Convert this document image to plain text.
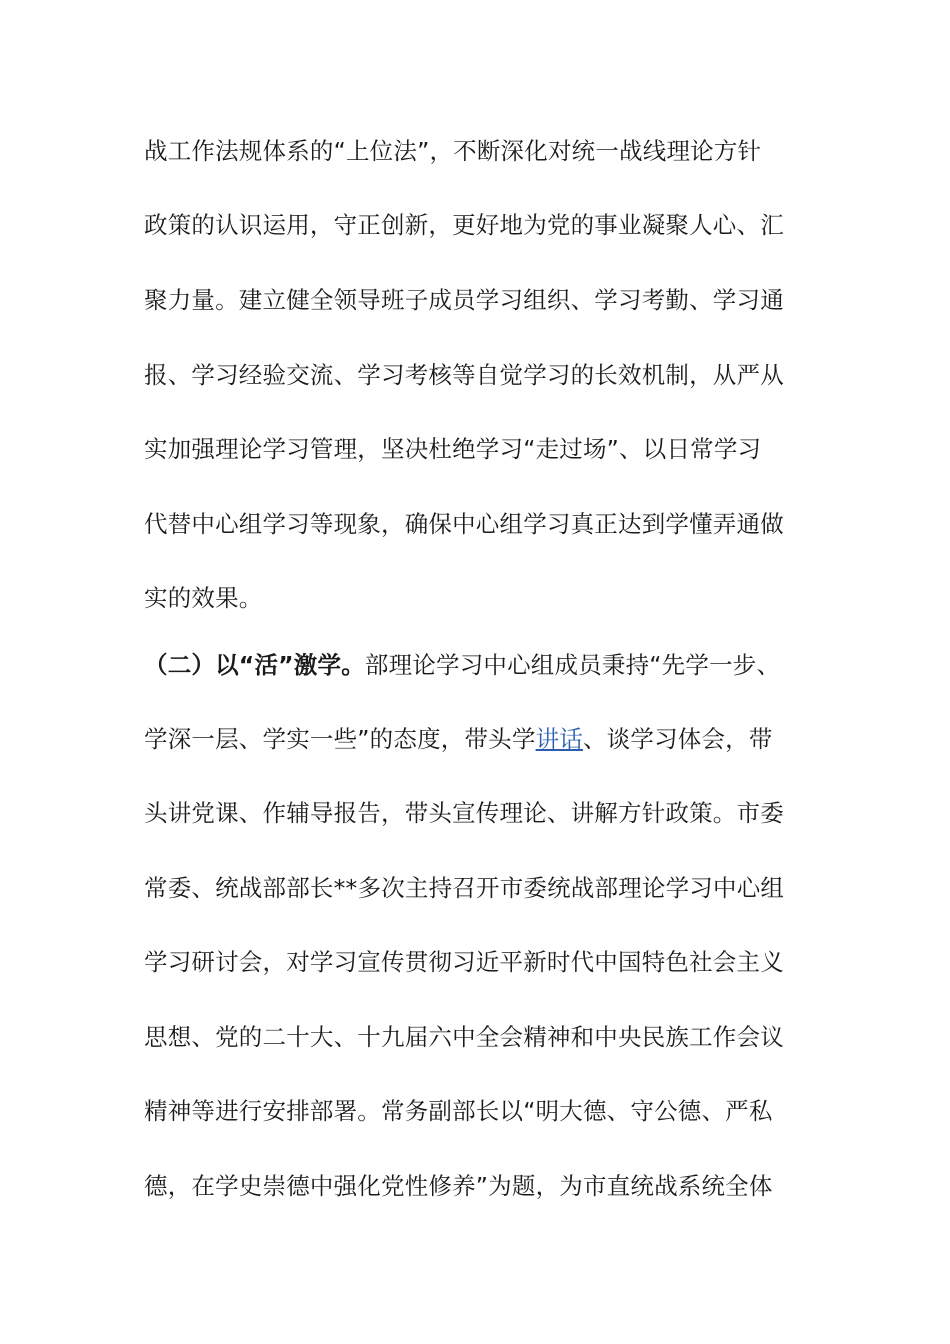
战工作法规体系的“上位法”，不断深化对统一战线理论方针
政策的认识运用，守正创新，更好地为党的事业凝聚人心、汇
聚力量。建立健全领导班子成员学习组织、学习考勤、学习通
报、学习经验交流、学习考核等自觉学习的长效机制，从严从
实加强理论学习管理，坚决杜绝学习“走过场”、以日常学习
代替中心组学习等现象，确保中心组学习真正达到学懂弄通做
实的效果。
（二）以“活”激学。部理论学习中心组成员秉持“先学一步、
学深一层、学实一些”的态度，带头学讲话、谈学习体会，带
头讲党课、作辅导报告，带头宣传理论、讲解方针政策。市委
常委、统战部部长**多次主持召开市委统战部理论学习中心组
学习研讨会，对学习宣传贯彻习近平新时代中国特色社会主义
思想、党的二十大、十九届六中全会精神和中央民族工作会议
精神等进行安排部署。常务副部长以“明大德、守公德、严私
德，在学史崇德中强化党性修养”为题，为市直统战系统全体
